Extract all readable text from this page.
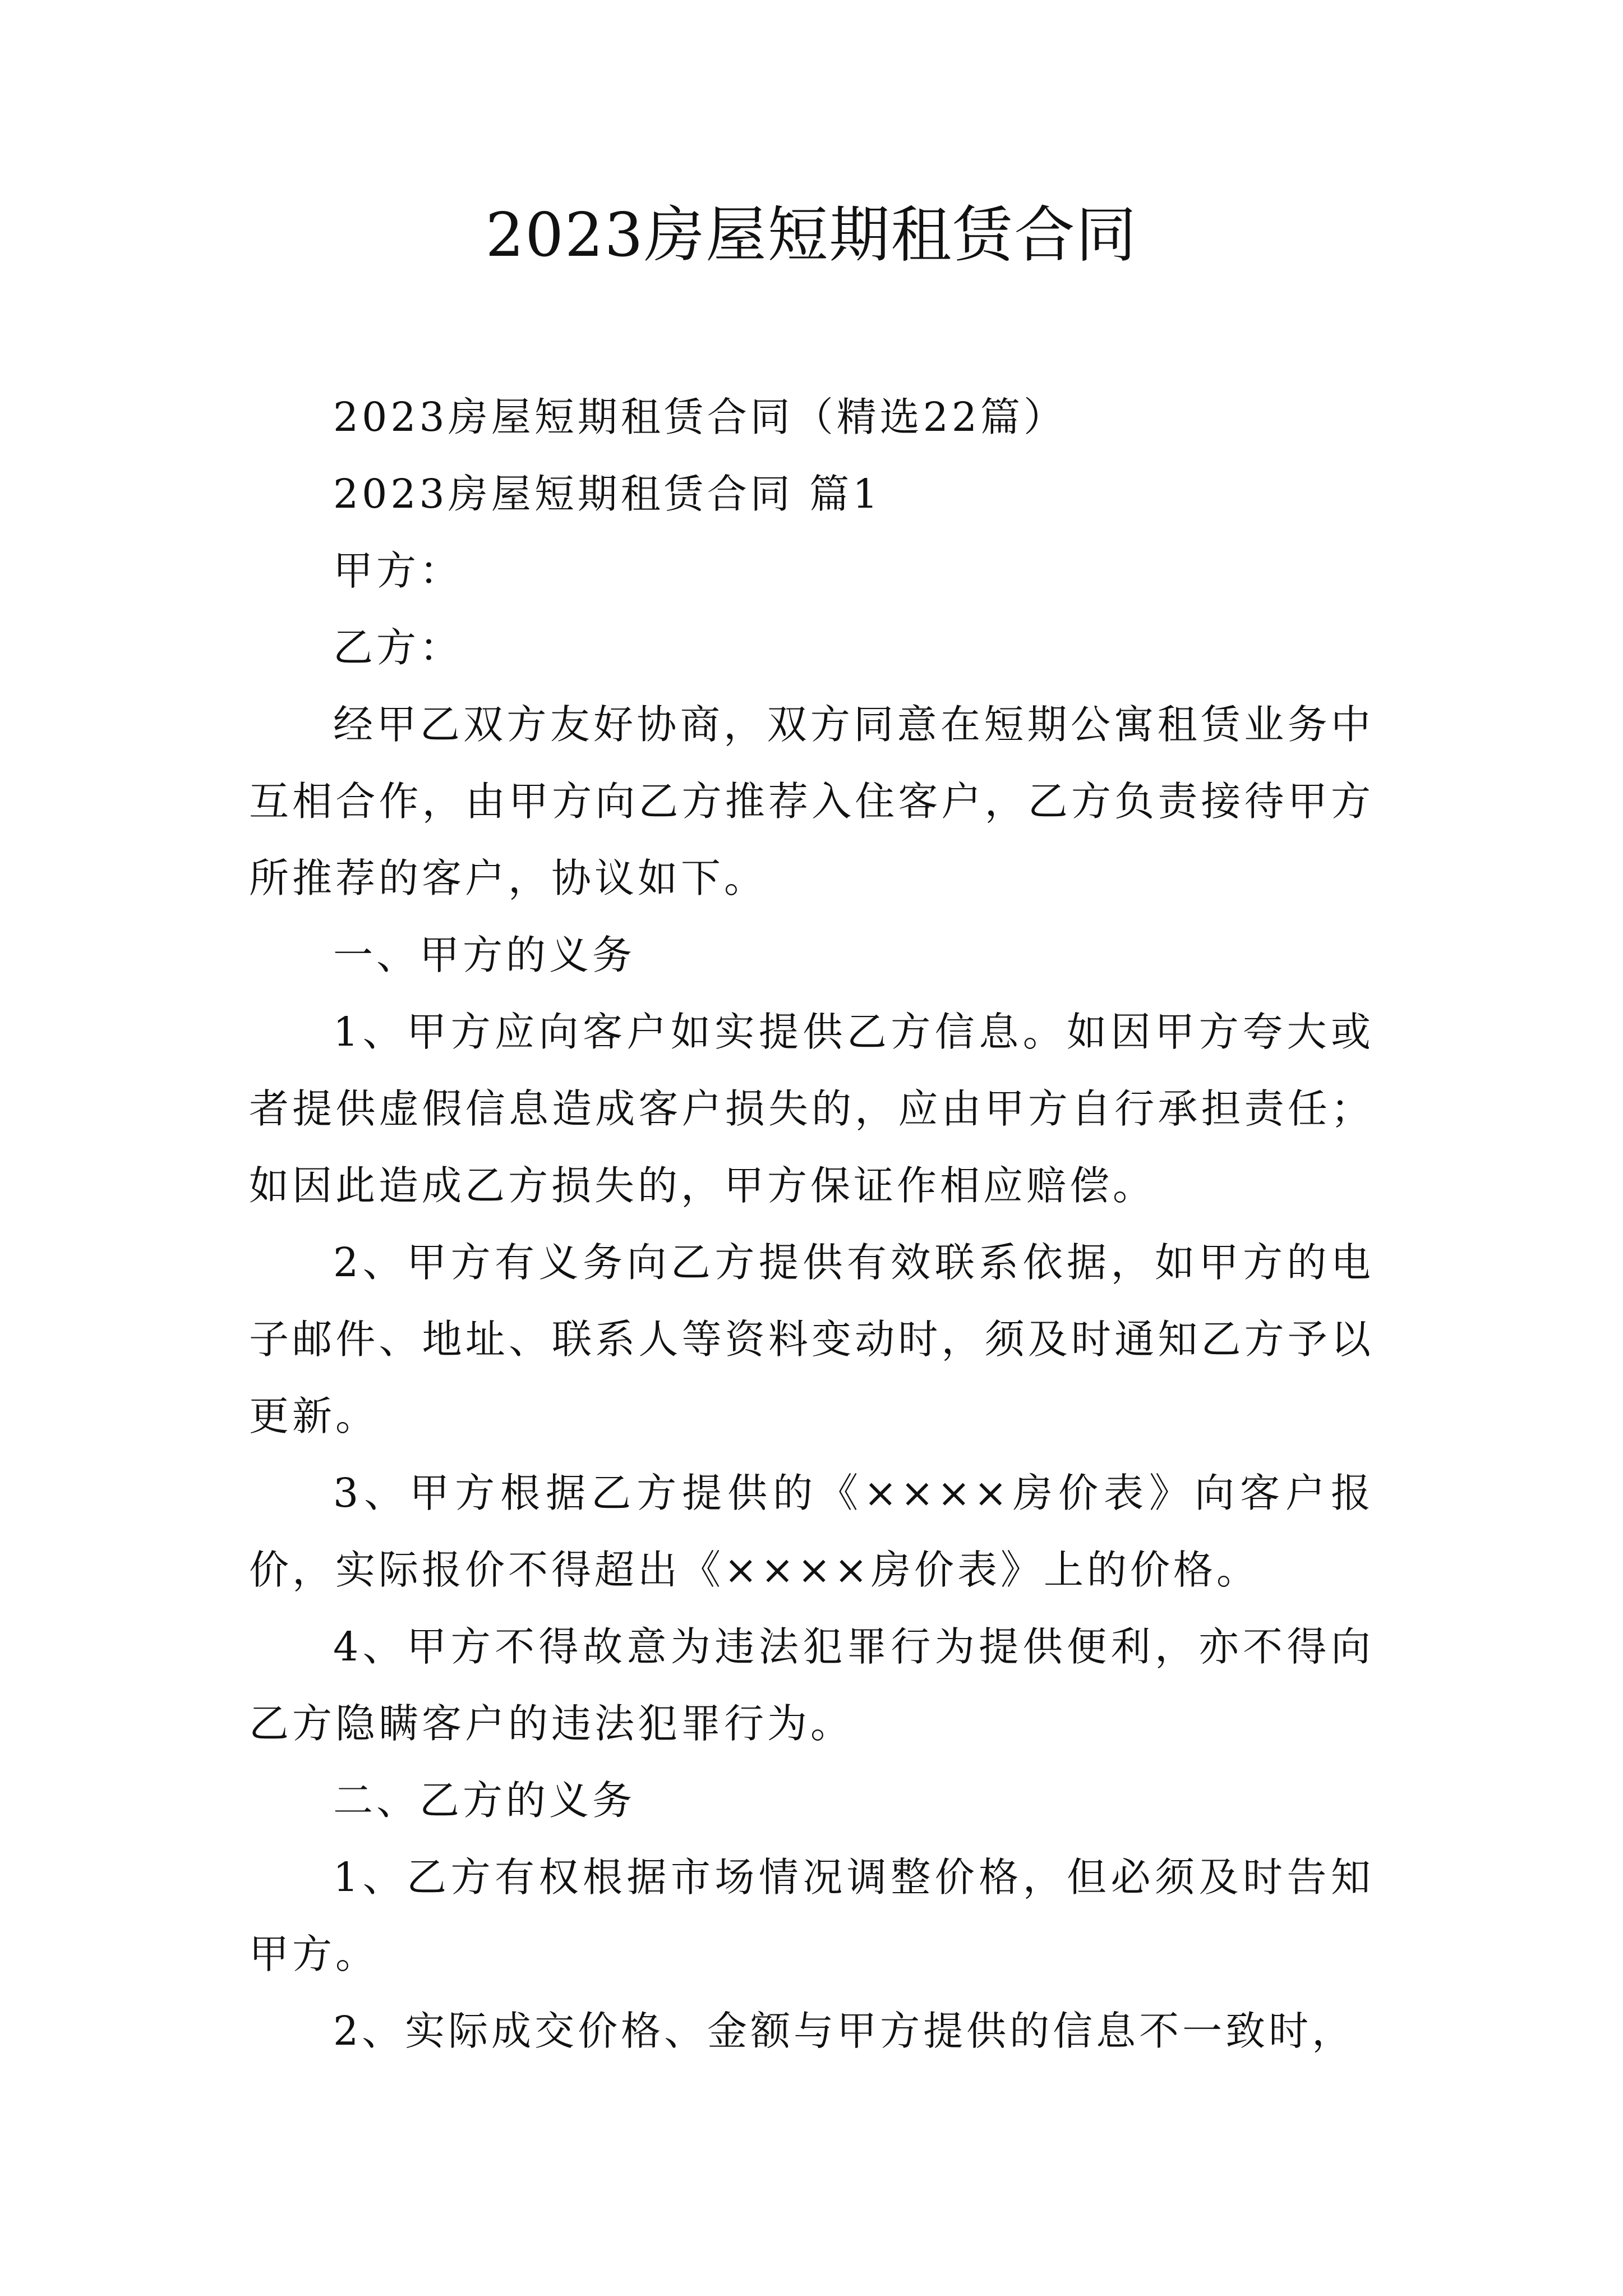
2023房屋短期租赁合同

2023房屋短期租赁合同（精选22篇）

2023房屋短期租赁合同 篇1

甲方：

乙方：

经甲乙双方友好协商，双方同意在短期公寓租赁业务中互相合作，由甲方向乙方推荐入住客户，乙方负责接待甲方所推荐的客户，协议如下。

一、甲方的义务

1、甲方应向客户如实提供乙方信息。如因甲方夸大或者提供虚假信息造成客户损失的，应由甲方自行承担责任；如因此造成乙方损失的，甲方保证作相应赔偿。

2、甲方有义务向乙方提供有效联系依据，如甲方的电子邮件、地址、联系人等资料变动时，须及时通知乙方予以更新。

3、甲方根据乙方提供的《××××房价表》向客户报价，实际报价不得超出《××××房价表》上的价格。

4、甲方不得故意为违法犯罪行为提供便利，亦不得向乙方隐瞒客户的违法犯罪行为。

二、乙方的义务

1、乙方有权根据市场情况调整价格，但必须及时告知甲方。

2、实际成交价格、金额与甲方提供的信息不一致时，
